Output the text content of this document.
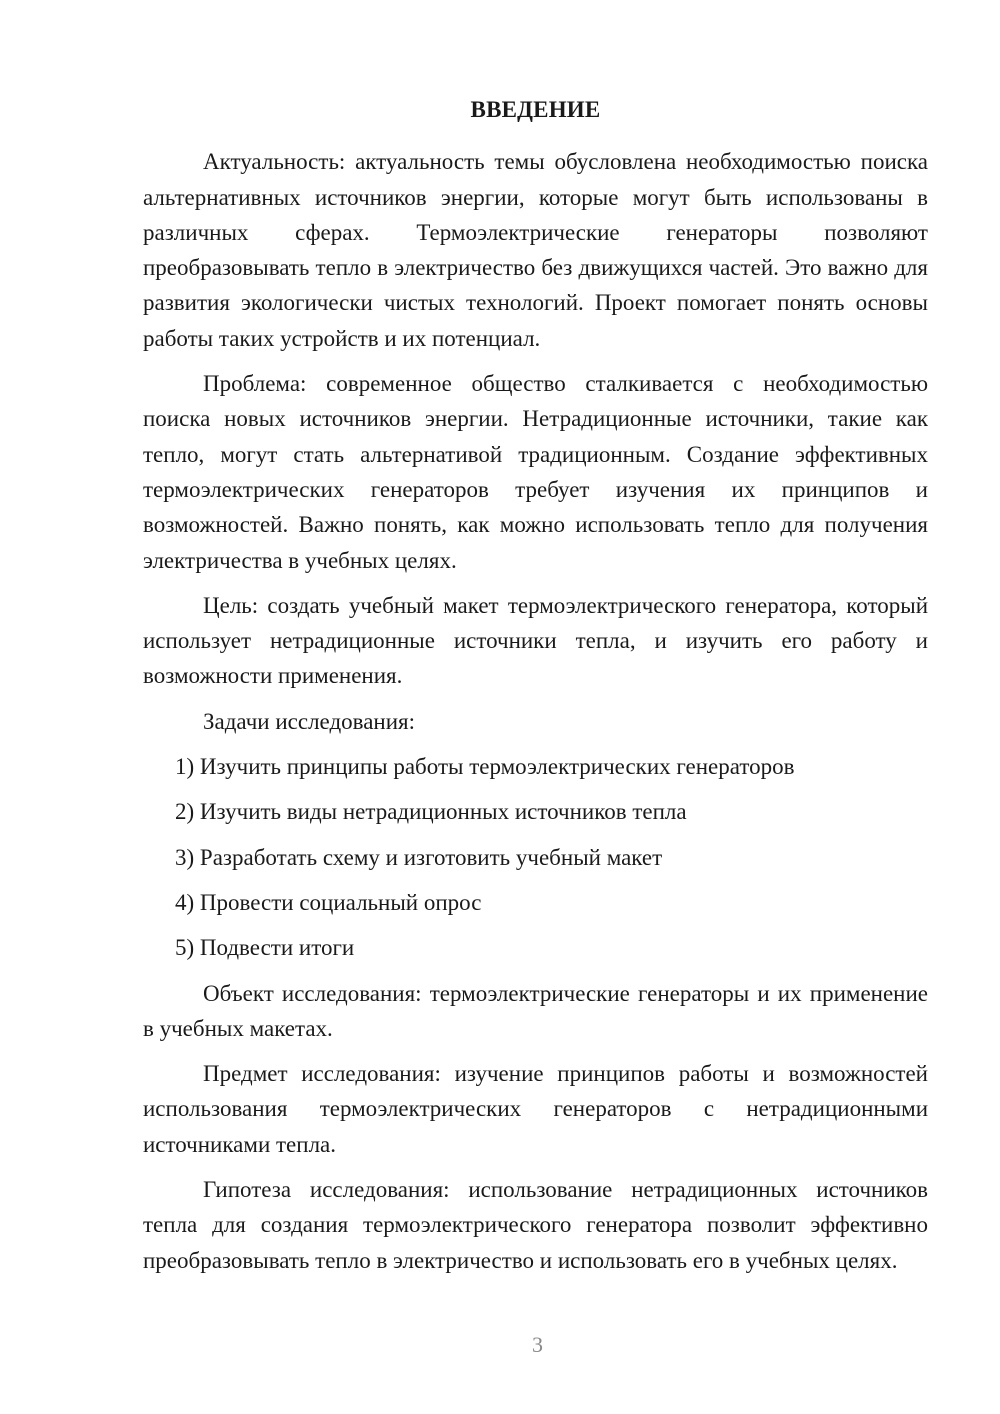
ВВЕДЕНИЕ

Актуальность: актуальность темы обусловлена необходимостью поиска альтернативных источников энергии, которые могут быть использованы в различных сферах. Термоэлектрические генераторы позволяют преобразовывать тепло в электричество без движущихся частей. Это важно для развития экологически чистых технологий. Проект помогает понять основы работы таких устройств и их потенциал.

Проблема: современное общество сталкивается с необходимостью поиска новых источников энергии. Нетрадиционные источники, такие как тепло, могут стать альтернативой традиционным. Создание эффективных термоэлектрических генераторов требует изучения их принципов и возможностей. Важно понять, как можно использовать тепло для получения электричества в учебных целях.

Цель: создать учебный макет термоэлектрического генератора, который использует нетрадиционные источники тепла, и изучить его работу и возможности применения.

Задачи исследования:
1) Изучить принципы работы термоэлектрических генераторов
2) Изучить виды нетрадиционных источников тепла
3) Разработать схему и изготовить учебный макет
4) Провести социальный опрос
5) Подвести итоги

Объект исследования: термоэлектрические генераторы и их применение в учебных макетах.

Предмет исследования: изучение принципов работы и возможностей использования термоэлектрических генераторов с нетрадиционными источниками тепла.

Гипотеза исследования: использование нетрадиционных источников тепла для создания термоэлектрического генератора позволит эффективно преобразовывать тепло в электричество и использовать его в учебных целях.

3
